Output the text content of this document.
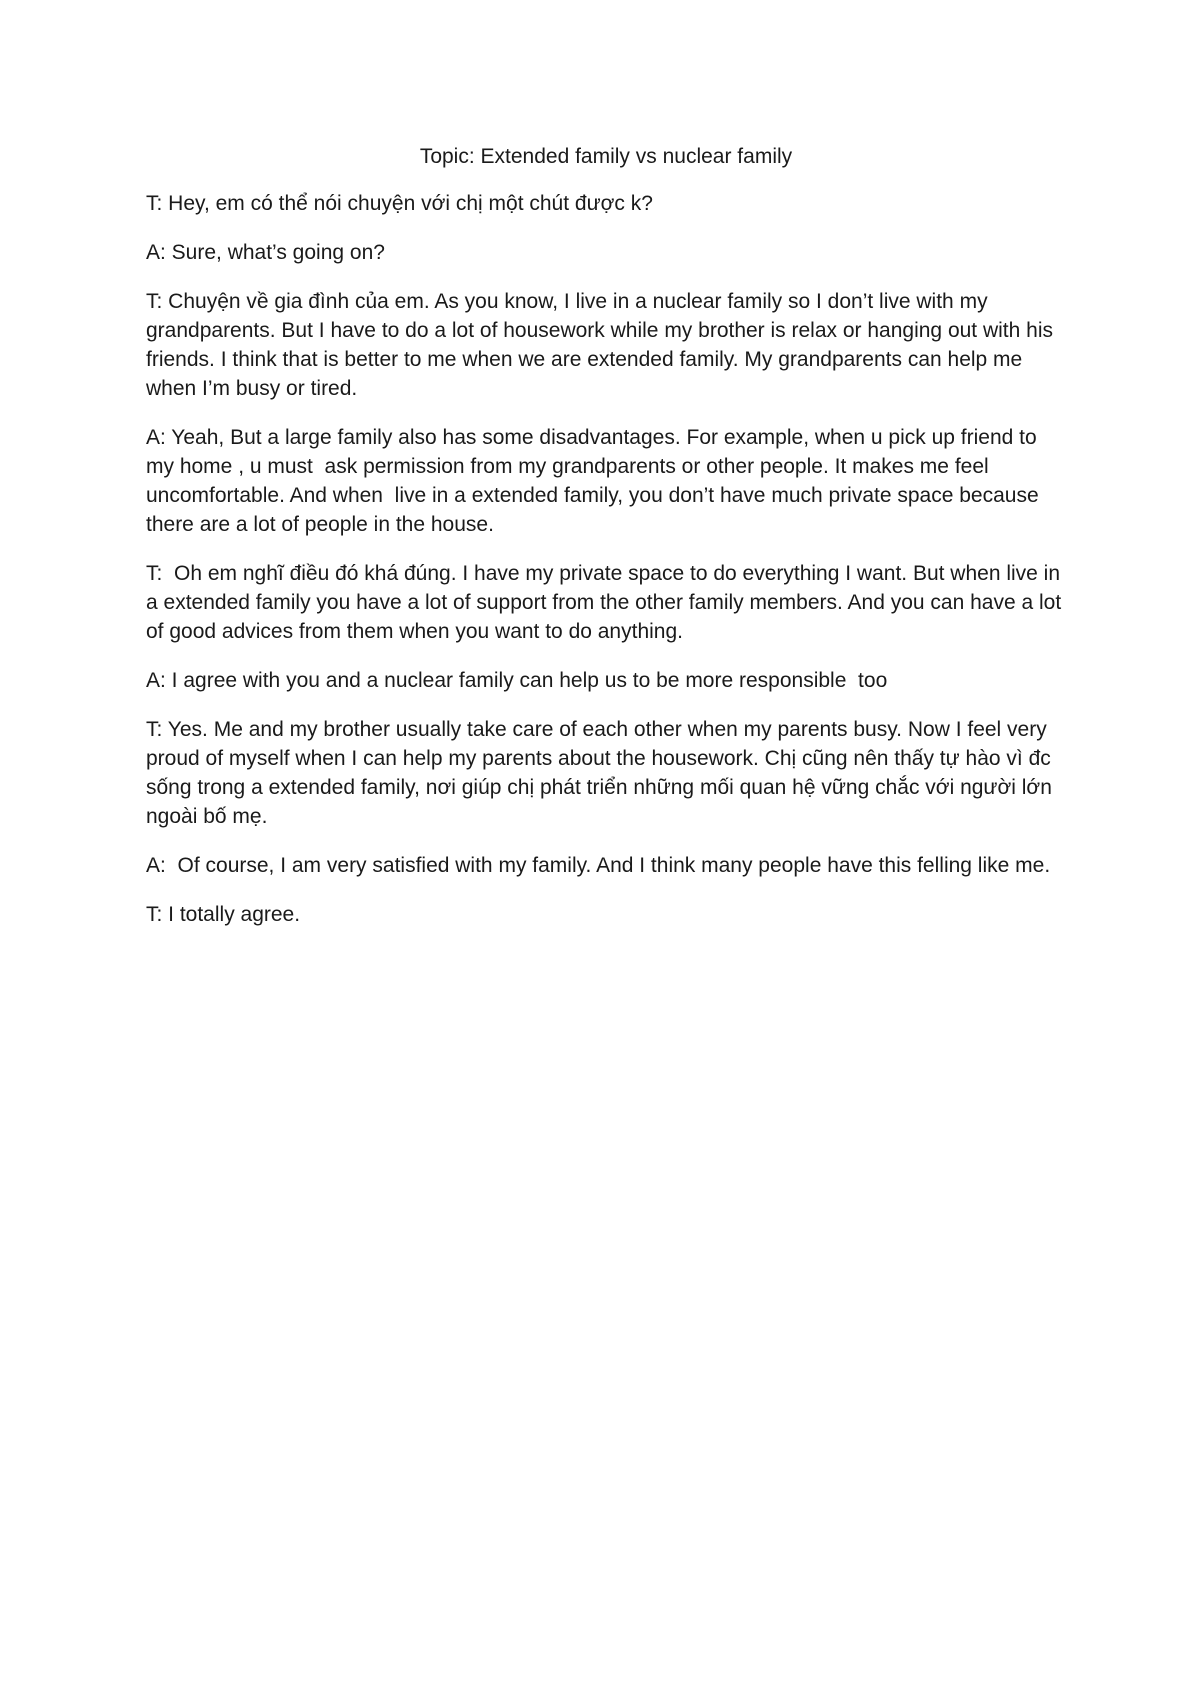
Topic: Extended family vs nuclear family

T: Hey, em có thể nói chuyện với chị một chút được k?

A: Sure, what’s going on?

T: Chuyện về gia đình của em. As you know, I live in a nuclear family so I don’t live with my grandparents. But I have to do a lot of housework while my brother is relax or hanging out with his friends. I think that is better to me when we are extended family. My grandparents can help me when I’m busy or tired.

A: Yeah, But a large family also has some disadvantages. For example, when u pick up friend to my home , u must  ask permission from my grandparents or other people. It makes me feel uncomfortable. And when  live in a extended family, you don’t have much private space because there are a lot of people in the house.

T:  Oh em nghĩ điều đó khá đúng. I have my private space to do everything I want. But when live in a extended family you have a lot of support from the other family members. And you can have a lot of good advices from them when you want to do anything.

A: I agree with you and a nuclear family can help us to be more responsible  too

T: Yes. Me and my brother usually take care of each other when my parents busy. Now I feel very proud of myself when I can help my parents about the housework. Chị cũng nên thấy tự hào vì đc sống trong a extended family, nơi giúp chị phát triển những mối quan hệ vững chắc với người lớn ngoài bố mẹ.

A:  Of course, I am very satisfied with my family. And I think many people have this felling like me.

T: I totally agree.
